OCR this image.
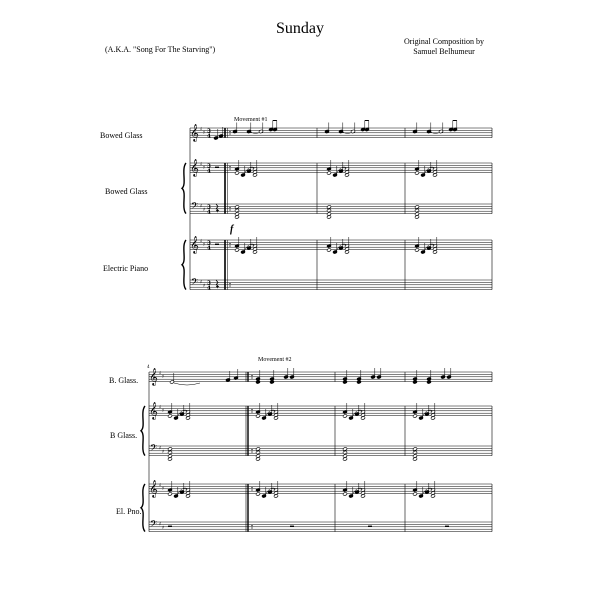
Sunday
(A.K.A. "Song For The Starving")
Original Composition by
Samuel Belhumeur
Bowed Glass
Bowed Glass
Electric Piano
Movement #1
f
4
B. Glass.
B Glass.
El. Pno.
Movement #2
𝄞 ♯
♯ 3
4
𝄞 ♯
♯ 3
4
𝄢 ♯
♯ 3
4
𝄞 ♯
♯ 3
4
𝄢 ♯
♯ 3
4
𝄞 ♯
♯
𝄞 ♯
♯
𝄢 ♯
♯
𝄞 ♯
♯
𝄢 ♯
♯
